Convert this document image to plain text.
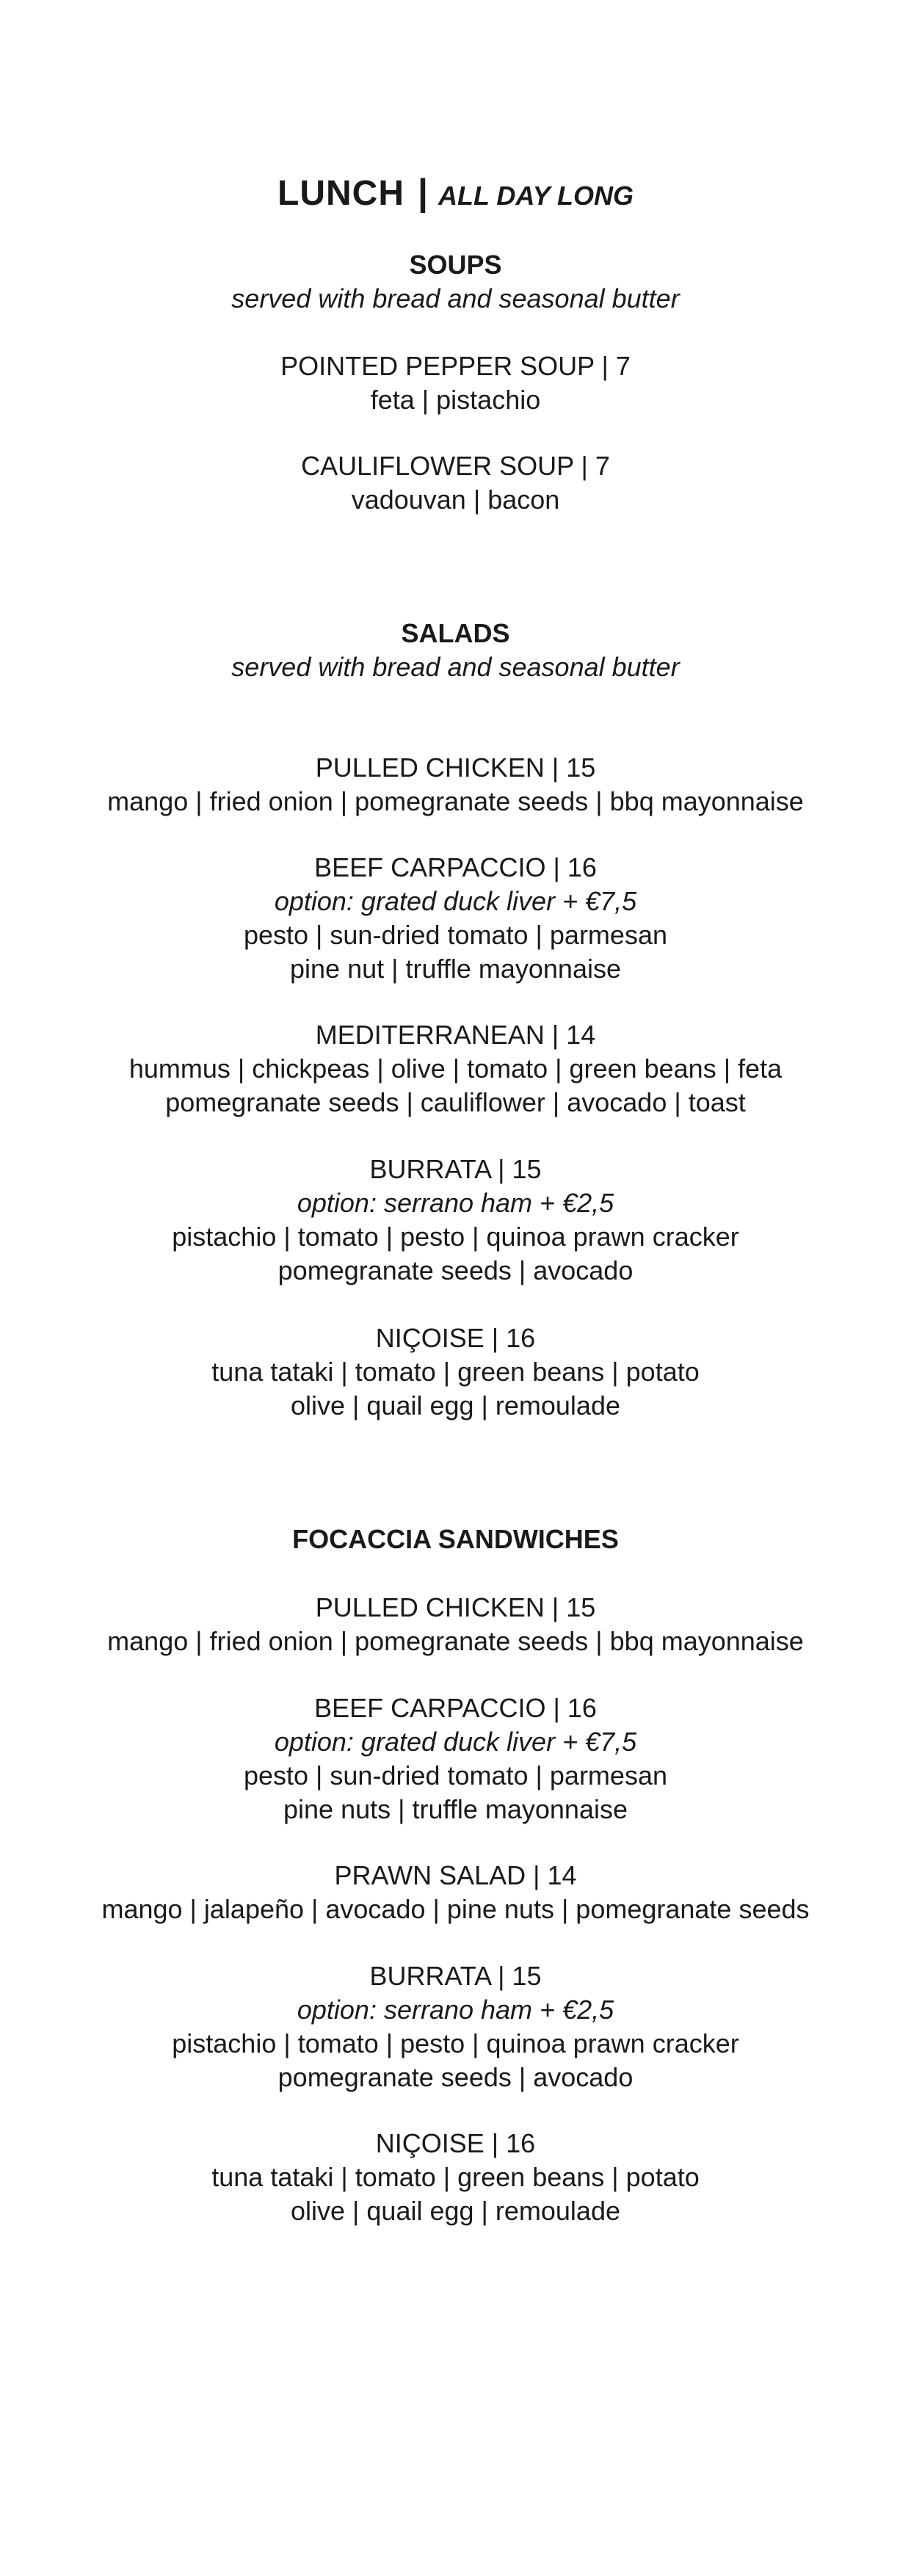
LUNCH | ALL DAY LONG

SOUPS

served with bread and seasonal butter

POINTED PEPPER SOUP | 7

feta | pistachio

CAULIFLOWER SOUP | 7

vadouvan | bacon

SALADS

served with bread and seasonal butter

PULLED CHICKEN | 15

mango | fried onion | pomegranate seeds | bbq mayonnaise

BEEF CARPACCIO | 16

option: grated duck liver + €7,5

pesto | sun-dried tomato | parmesan

pine nut | truffle mayonnaise

MEDITERRANEAN | 14

hummus | chickpeas | olive | tomato | green beans | feta

pomegranate seeds | cauliflower | avocado | toast

BURRATA | 15

option: serrano ham + €2,5

pistachio | tomato | pesto | quinoa prawn cracker

pomegranate seeds | avocado

NIÇOISE | 16

tuna tataki | tomato | green beans | potato

olive | quail egg | remoulade

FOCACCIA SANDWICHES

PULLED CHICKEN | 15

mango | fried onion | pomegranate seeds | bbq mayonnaise

BEEF CARPACCIO | 16

option: grated duck liver + €7,5

pesto | sun-dried tomato | parmesan

pine nuts | truffle mayonnaise

PRAWN SALAD | 14

mango | jalapeño | avocado | pine nuts | pomegranate seeds

BURRATA | 15

option: serrano ham + €2,5

pistachio | tomato | pesto | quinoa prawn cracker

pomegranate seeds | avocado

NIÇOISE | 16

tuna tataki | tomato | green beans | potato

olive | quail egg | remoulade
